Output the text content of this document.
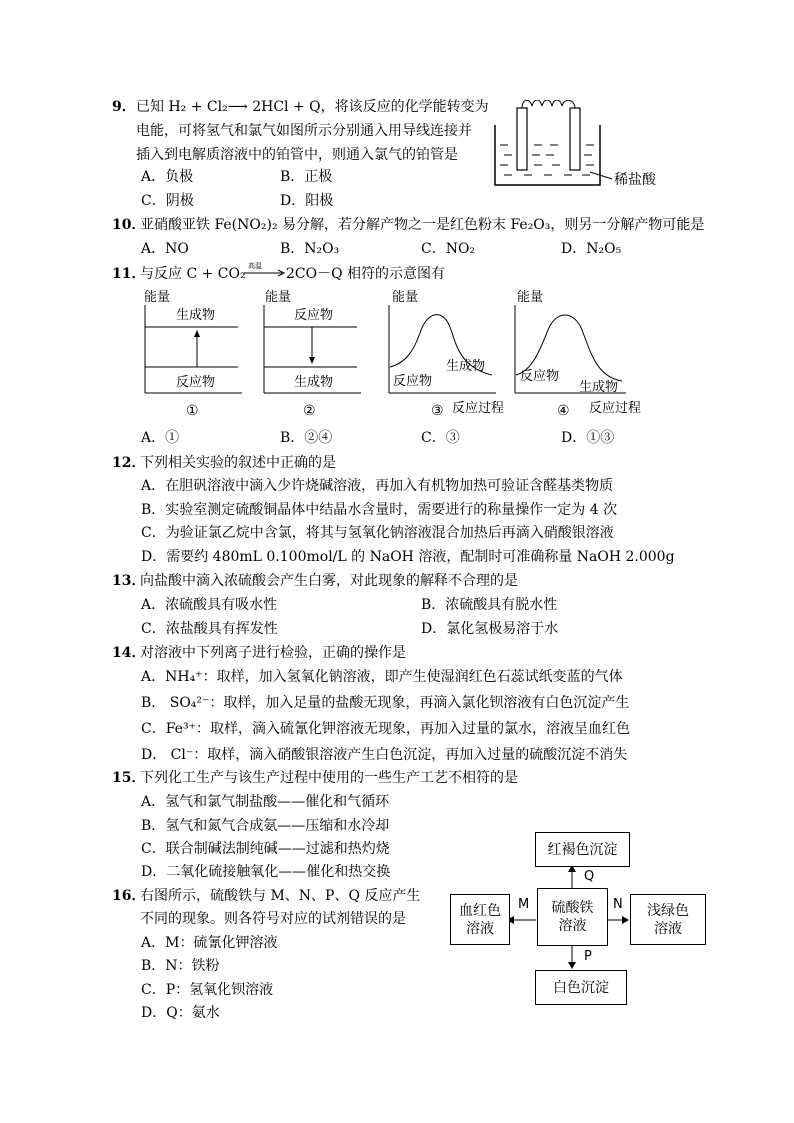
9． 已知 H₂ + Cl₂⟶ 2HCl + Q，将该反应的化学能转变为
电能，可将氢气和氯气如图所示分别通入用导线连接并
插入到电解质溶液中的铂管中，则通入氯气的铂管是
A．负极	B．正极
C．阴极	D．阳极
稀盐酸
10．
亚硝酸亚铁 Fe(NO₂)₂ 易分解，若分解产物之一是红色粉末 Fe₂O₃，则另一分解产物可能是
A．NO	B．N₂O₃	C．NO₂	D．N₂O₅
11．
与反应 C + CO₂ 高温 2CO－Q 相符的示意图有
能量
生成物
反应物
①
能量
反应物
生成物
②
能量
生成物
反应物
③ 反应过程
能量
反应物
生成物
④ 反应过程
A．①	B．②④	C．③	D．①③
12．
下列相关实验的叙述中正确的是
A．在胆矾溶液中滴入少许烧碱溶液，再加入有机物加热可验证含醛基类物质
B．实验室测定硫酸铜晶体中结晶水含量时，需要进行的称量操作一定为 4 次
C．为验证氯乙烷中含氯，将其与氢氧化钠溶液混合加热后再滴入硝酸银溶液
D．需要约 480mL 0.100mol/L 的 NaOH 溶液，配制时可准确称量 NaOH 2.000g
13．
向盐酸中滴入浓硫酸会产生白雾，对此现象的解释不合理的是
A．浓硫酸具有吸水性	B．浓硫酸具有脱水性
C．浓盐酸具有挥发性	D．氯化氢极易溶于水
14．
对溶液中下列离子进行检验，正确的操作是
A．NH₄⁺：取样，加入氢氧化钠溶液，即产生使湿润红色石蕊试纸变蓝的气体
B． SO₄²⁻：取样，加入足量的盐酸无现象，再滴入氯化钡溶液有白色沉淀产生
C．Fe³⁺：取样，滴入硫氰化钾溶液无现象，再加入过量的氯水，溶液呈血红色
D． Cl⁻：取样，滴入硝酸银溶液产生白色沉淀，再加入过量的硫酸沉淀不消失
15．
下列化工生产与该生产过程中使用的一些生产工艺不相符的是
A．氢气和氯气制盐酸——催化和气循环
B．氢气和氮气合成氨——压缩和水冷却
C．联合制碱法制纯碱——过滤和热灼烧
D．二氧化硫接触氧化——催化和热交换
16．
右图所示，硫酸铁与 M、N、P、Q 反应产生
不同的现象。则各符号对应的试剂错误的是
A．M：硫氰化钾溶液
B．N：铁粉
C．P：氢氧化钡溶液
D．Q：氨水
红褐色沉淀
硫酸铁
溶液
血红色
溶液
浅绿色
溶液
白色沉淀
Q
M	N
P
